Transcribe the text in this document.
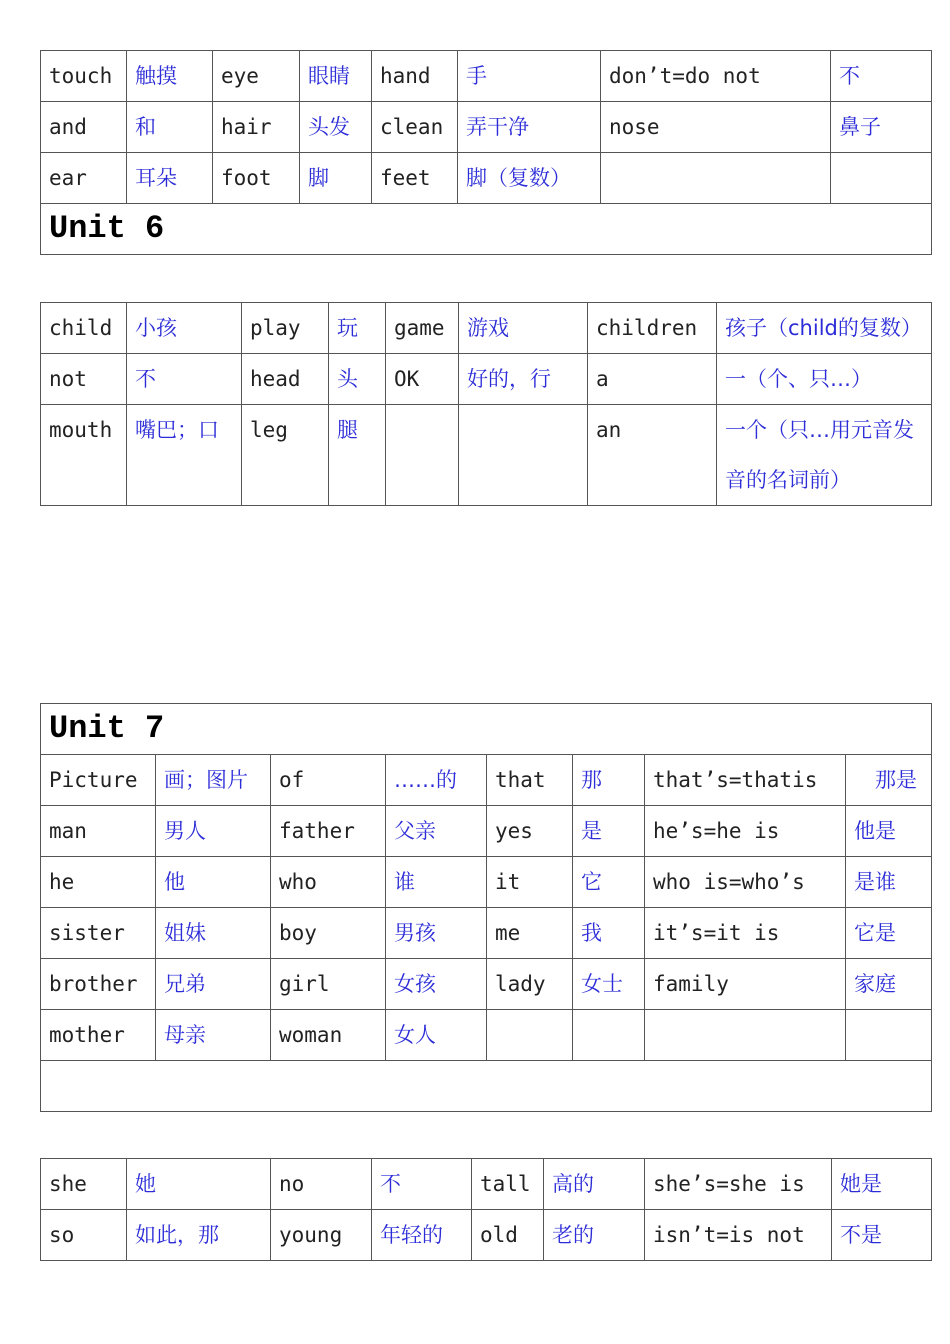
touch	触摸	eye	眼睛	hand	手	don’t=do not	不
and	和	hair	头发	clean	弄干净	nose	鼻子
ear	耳朵	foot	脚	feet	脚（复数）		
Unit 6							
child	小孩	play	玩	game	游戏	children	孩子（child的复数）
not	不	head	头	OK	好的，行	a	一（个、只…）
mouth	嘴巴；口	leg	腿			an	一个（只…用元音发音的名词前）
Unit 7							
Picture	画；图片	of	……的	that	那	that’s=thatis	　那是
man	男人	father	父亲	yes	是	he’s=he is	他是
he	他	who	谁	it	它	who is=who’s	是谁
sister	姐妹	boy	男孩	me	我	it’s=it is	它是
brother	兄弟	girl	女孩	lady	女士	family	家庭
mother	母亲	woman	女人				

she	她	no	不	tall	高的	she’s=she is	她是
so	如此，那	young	年轻的	old	老的	isn’t=is not	不是
